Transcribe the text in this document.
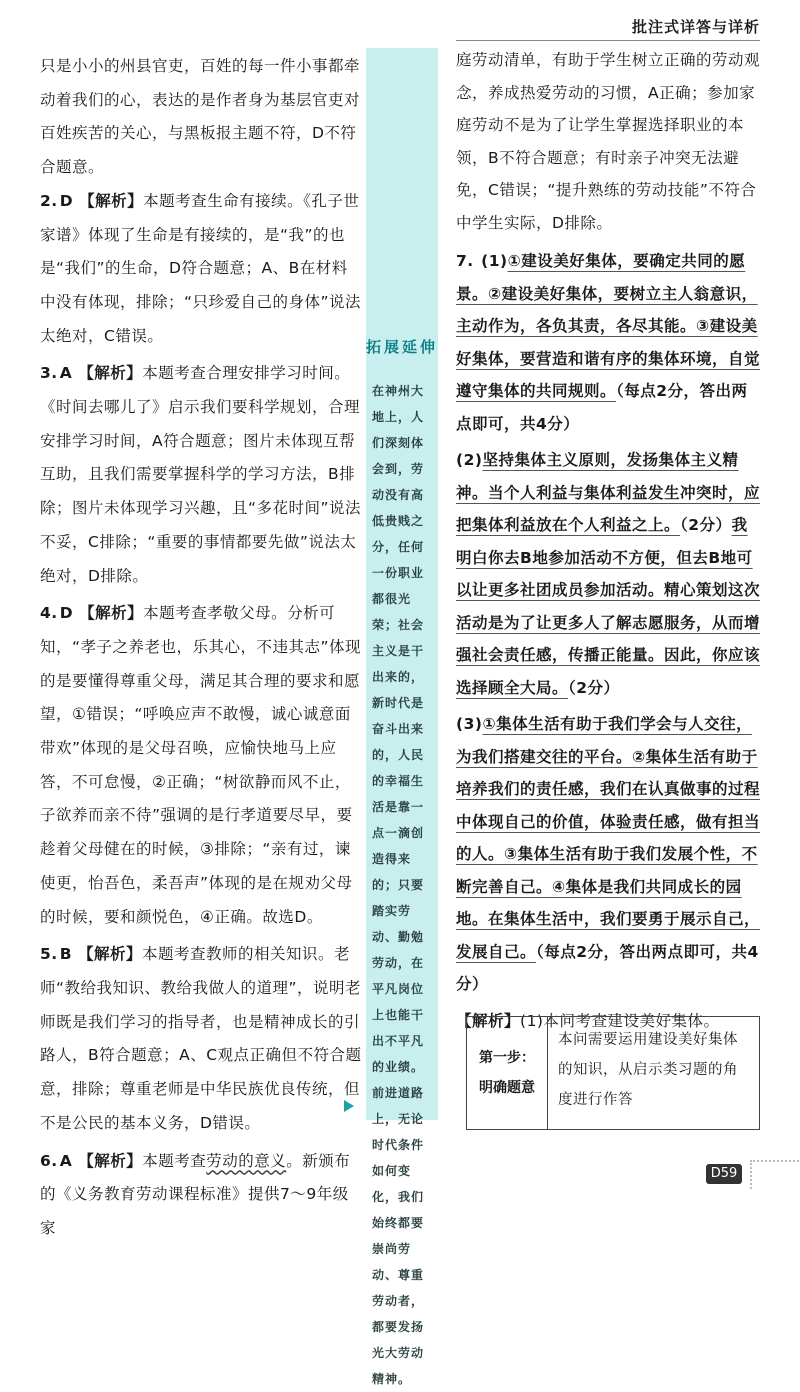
批注式详答与详析

只是小小的州县官吏，百姓的每一件小事都牵动着我们的心，表达的是作者身为基层官吏对百姓疾苦的关心，与黑板报主题不符，D不符合题意。

2. D 【解析】本题考查生命有接续。《孔子世家谱》体现了生命是有接续的，是“我”的也是“我们”的生命，D符合题意；A、B在材料中没有体现，排除；“只珍爱自己的身体”说法太绝对，C错误。

3. A 【解析】本题考查合理安排学习时间。《时间去哪儿了》启示我们要科学规划，合理安排学习时间，A符合题意；图片未体现互帮互助，且我们需要掌握科学的学习方法，B排除；图片未体现学习兴趣，且“多花时间”说法不妥，C排除；“重要的事情都要先做”说法太绝对，D排除。

4. D 【解析】本题考查孝敬父母。分析可知，“孝子之养老也，乐其心，不违其志”体现的是要懂得尊重父母，满足其合理的要求和愿望，①错误；“呼唤应声不敢慢，诚心诚意面带欢”体现的是父母召唤，应愉快地马上应答，不可怠慢，②正确；“树欲静而风不止，子欲养而亲不待”强调的是行孝道要尽早，要趁着父母健在的时候，③排除；“亲有过，谏使更，怡吾色，柔吾声”体现的是在规劝父母的时候，要和颜悦色，④正确。故选D。

5. B 【解析】本题考查教师的相关知识。老师“教给我知识、教给我做人的道理”，说明老师既是我们学习的指导者，也是精神成长的引路人，B符合题意；A、C观点正确但不符合题意，排除；尊重老师是中华民族优良传统，但不是公民的基本义务，D错误。

6. A 【解析】本题考查劳动的意义。新颁布的《义务教育劳动课程标准》提供7～9年级家

拓展延伸
在神州大地上，人们深刻体会到，劳动没有高低贵贱之分，任何一份职业都很光荣；社会主义是干出来的，新时代是奋斗出来的，人民的幸福生活是靠一点一滴创造得来的；只要踏实劳动、勤勉劳动，在平凡岗位上也能干出不平凡的业绩。前进道路上，无论时代条件如何变化，我们始终都要崇尚劳动、尊重劳动者，都要发扬光大劳动精神。

庭劳动清单，有助于学生树立正确的劳动观念，养成热爱劳动的习惯，A正确；参加家庭劳动不是为了让学生掌握选择职业的本领，B不符合题意；有时亲子冲突无法避免，C错误；“提升熟练的劳动技能”不符合中学生实际，D排除。

7. (1)①建设美好集体，要确定共同的愿景。②建设美好集体，要树立主人翁意识，主动作为，各负其责，各尽其能。③建设美好集体，要营造和谐有序的集体环境，自觉遵守集体的共同规则。（每点2分，答出两点即可，共4分）

(2)坚持集体主义原则，发扬集体主义精神。当个人利益与集体利益发生冲突时，应把集体利益放在个人利益之上。（2分）我明白你去B地参加活动不方便，但去B地可以让更多社团成员参加活动。精心策划这次活动是为了让更多人了解志愿服务，从而增强社会责任感，传播正能量。因此，你应该选择顾全大局。（2分）

(3)①集体生活有助于我们学会与人交往，为我们搭建交往的平台。②集体生活有助于培养我们的责任感，我们在认真做事的过程中体现自己的价值，体验责任感，做有担当的人。③集体生活有助于我们发展个性，不断完善自己。④集体是我们共同成长的园地。在集体生活中，我们要勇于展示自己，发展自己。（每点2分，答出两点即可，共4分）

【解析】(1)本问考查建设美好集体。

第一步：
明确题意
本问需要运用建设美好集体的知识，从启示类习题的角度进行作答
D59
